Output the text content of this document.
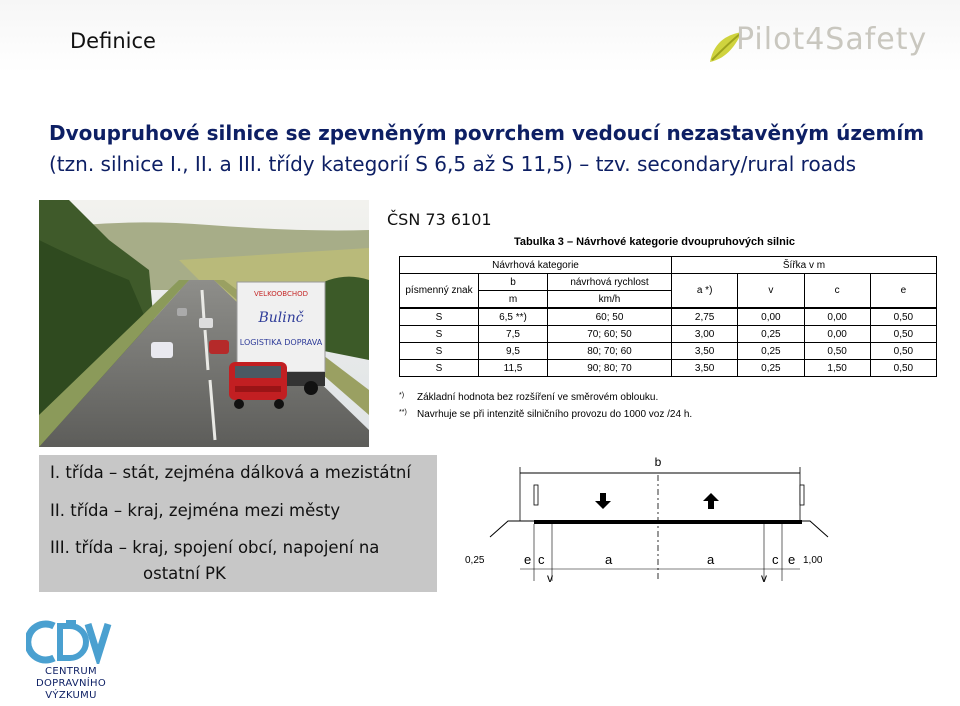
Definice	Pilot4Safety
Dvoupruhové silnice se zpevněným povrchem vedoucí nezastavěným územím
(tzn. silnice I., II. a III. třídy kategorií S 6,5 až S 11,5) – tzv. secondary/rural roads
VELKOOBCHOD
Bulinč
LOGISTIKA DOPRAVA
ČSN 73 6101
Tabulka 3 – Návrhové kategorie dvoupruhových silnic
Návrhová kategorie			Šířka v m			
písmenný znak	b	návrhová rychlost	a *)	v	c	e
	m	km/h				
S	6,5 **)	60; 50	2,75	0,00	0,00	0,50
S	7,5	70; 60; 50	3,00	0,25	0,00	0,50
S	9,5	80; 70; 60	3,50	0,25	0,50	0,50
S	11,5	90; 80; 70	3,50	0,25	1,50	0,50
*) Základní hodnota bez rozšíření ve směrovém oblouku.
**) Navrhuje se při intenzitě silničního provozu do 1000 voz /24 h.
I. třída – stát, zejména dálková a mezistátní
II. třída – kraj, zejména mezi městy
III. třída – kraj, spojení obcí, napojení na
ostatní PK
b
0,25	e c	a	a	c e 1,00
v	v
CENTRUM
DOPRAVNÍHO
VÝZKUMU
